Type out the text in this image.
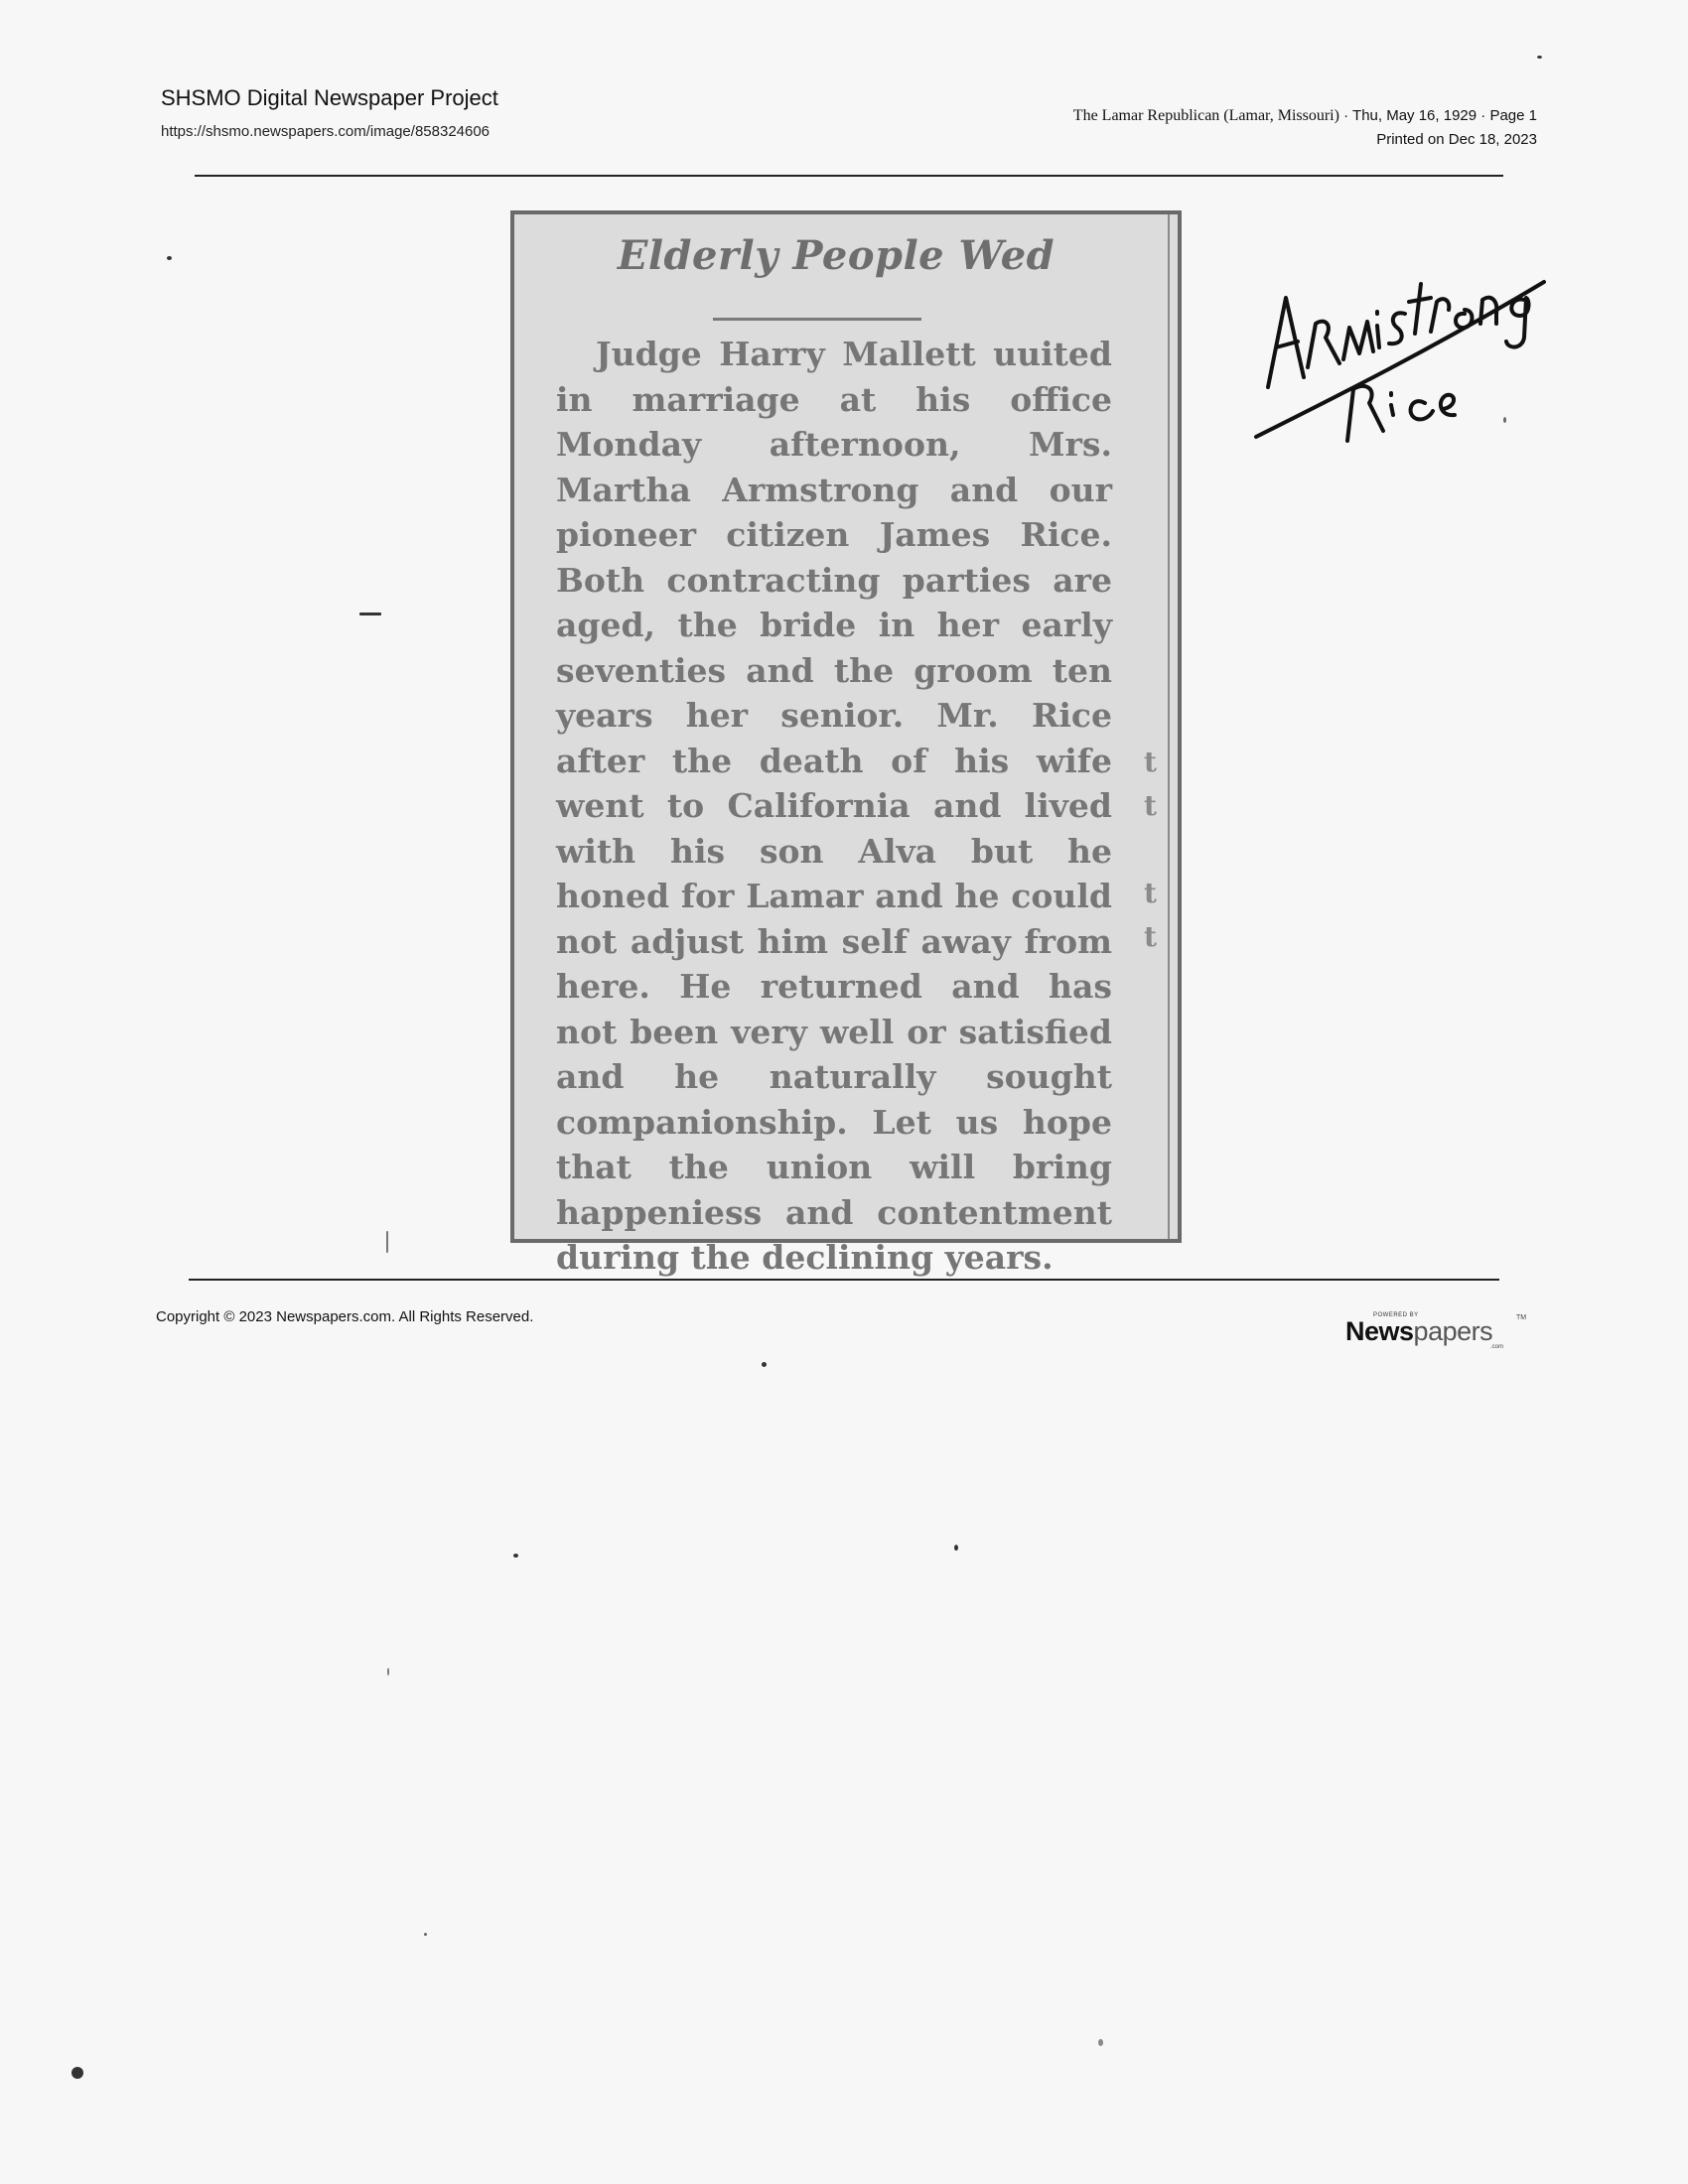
SHSMO Digital Newspaper Project
https://shsmo.newspapers.com/image/858324606
The Lamar Republican (Lamar, Missouri) · Thu, May 16, 1929 · Page 1
Printed on Dec 18, 2023
Elderly People Wed
Judge Harry Mallett uuited in marriage at his office Monday afternoon, Mrs. Martha Armstrong and our pioneer citizen James Rice. Both contracting parties are aged, the bride in her early seventies and the groom ten years her senior. Mr. Rice after the death of his wife went to California and lived with his son Alva but he honed for Lamar and he could not adjust him self away from here. He returned and has not been very well or satisfied and he naturally sought companionship. Let us hope that the union will bring happeniess and contentment during the declining years.
t
t
t
t
Copyright © 2023 Newspapers.com. All Rights Reserved.	POWERED BY
Newspapers	TM
.com
